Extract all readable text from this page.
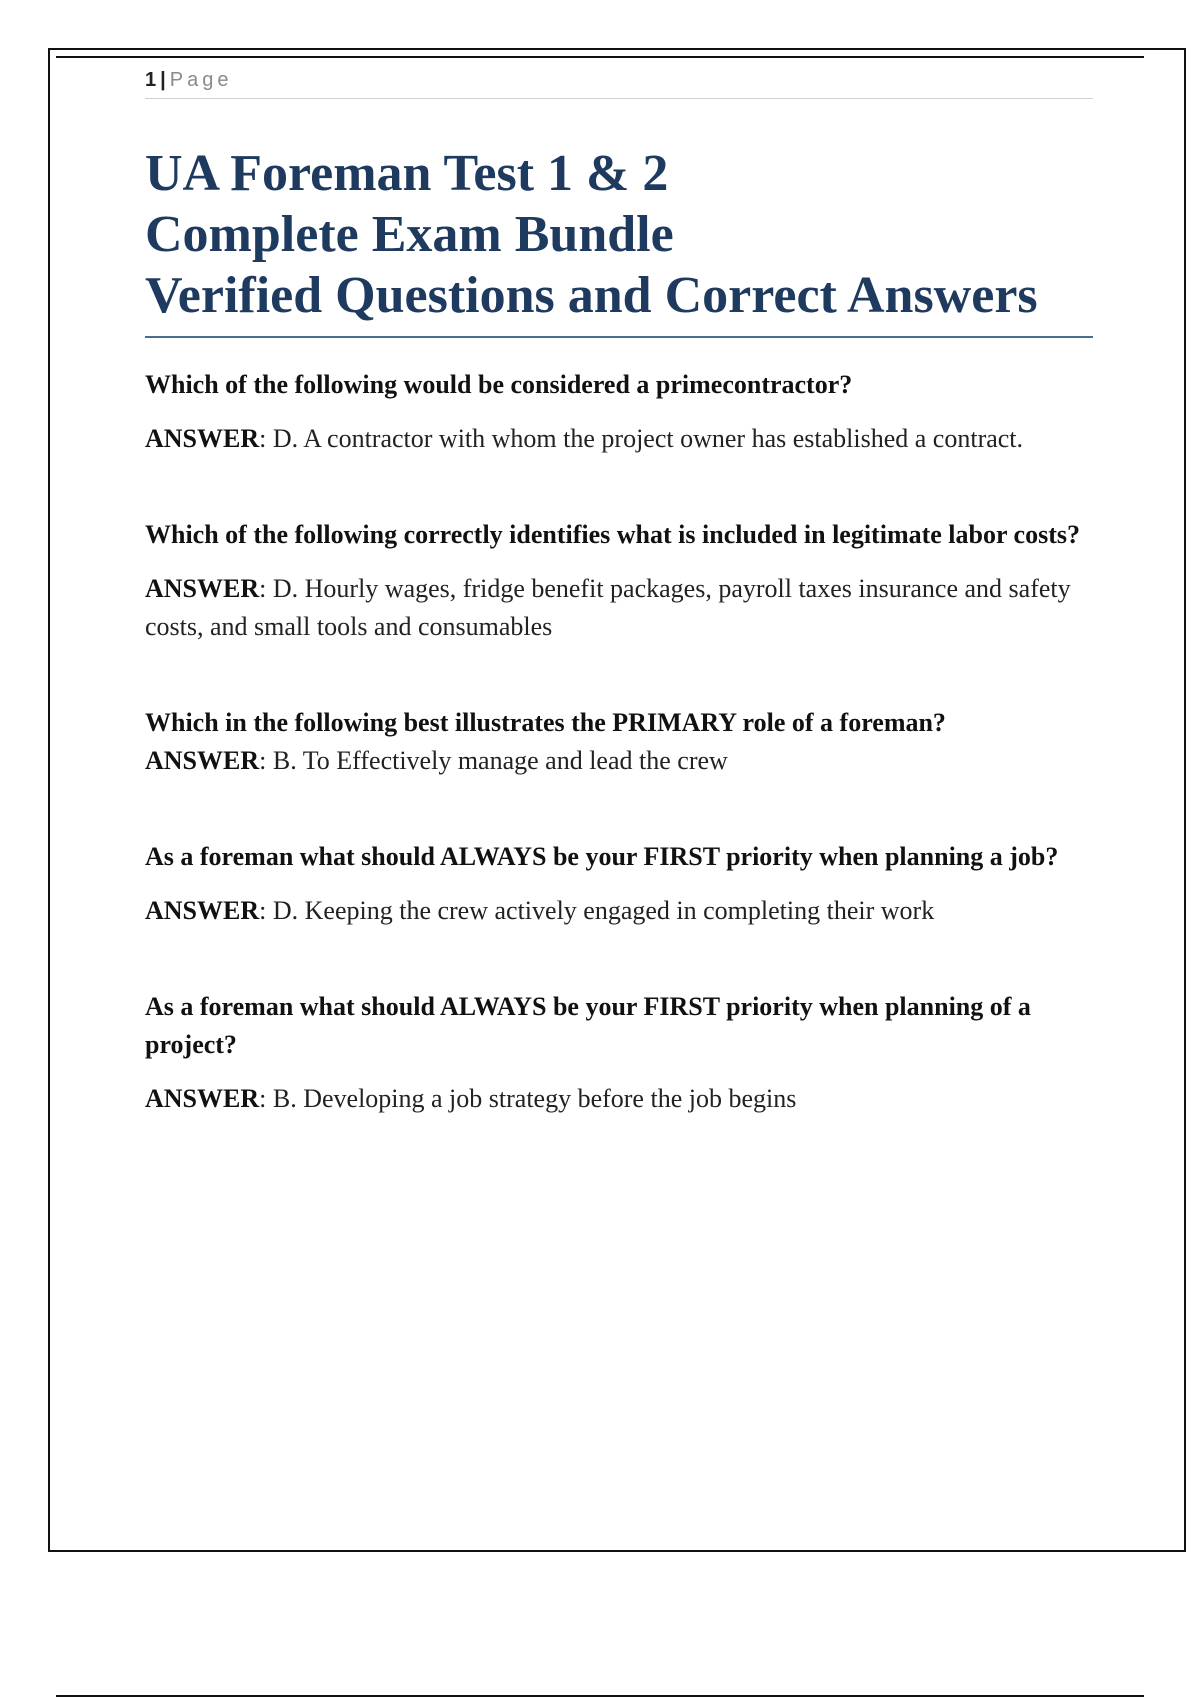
1 | Page
UA Foreman Test 1 & 2
Complete Exam Bundle
Verified Questions and Correct Answers
Which of the following would be considered a primecontractor?
ANSWER: D. A contractor with whom the project owner has established a contract.
Which of the following correctly identifies what is included in legitimate labor costs?
ANSWER: D. Hourly wages, fridge benefit packages, payroll taxes insurance and safety costs, and small tools and consumables
Which in the following best illustrates the PRIMARY role of a foreman?
ANSWER: B. To Effectively manage and lead the crew
As a foreman what should ALWAYS be your FIRST priority when planning a job?
ANSWER: D. Keeping the crew actively engaged in completing their work
As a foreman what should ALWAYS be your FIRST priority when planning of a project?
ANSWER: B. Developing a job strategy before the job begins
